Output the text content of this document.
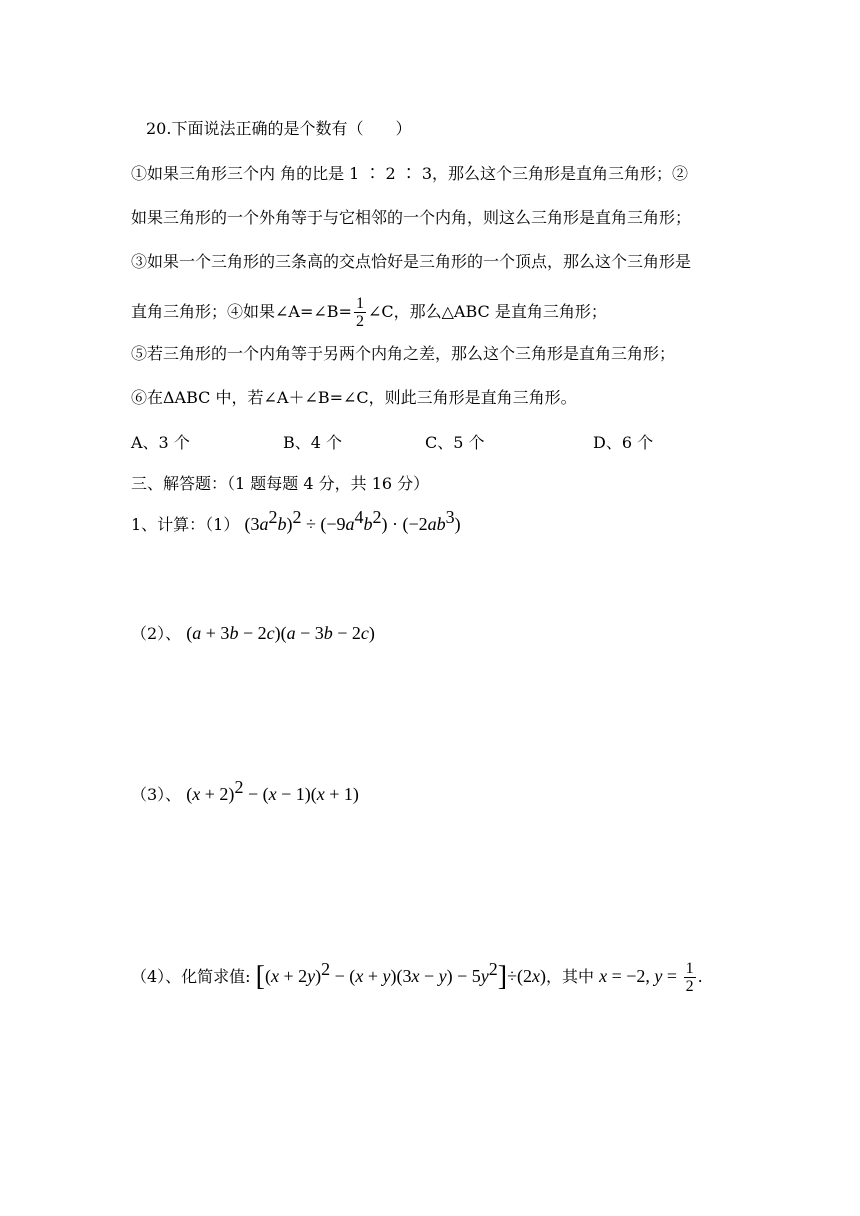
20.下面说法正确的是个数有（　　）
①如果三角形三个内 角的比是 1 ∶ 2 ∶ 3，那么这个三角形是直角三角形；②
如果三角形的一个外角等于与它相邻的一个内角，则这么三角形是直角三角形；
③如果一个三角形的三条高的交点恰好是三角形的一个顶点，那么这个三角形是
直角三角形；④如果∠A=∠B= $\frac{1}{2}$ ∠C，那么△ABC 是直角三角形；
⑤若三角形的一个内角等于另两个内角之差，那么这个三角形是直角三角形；
⑥在ΔABC 中，若∠A＋∠B=∠C，则此三角形是直角三角形。
A、3 个	B、4 个	C、5 个	D、6 个
三、解答题：（1 题每题 4 分，共 16 分）
1、计算：（1） $(3a^2b)^2 \div (-9a^4b^2) \cdot (-2ab^3)$
（2）、 (a + 3b − 2c)(a − 3b − 2c)
（3）、 $(x + 2)^2 - (x - 1)(x + 1)$
（4）、化简求值: $[(x + 2y)^2 - (x + y)(3x - y) - 5y^2]\div(2x)$，其中 x = −2, $y = \frac{1}{2}$ .
